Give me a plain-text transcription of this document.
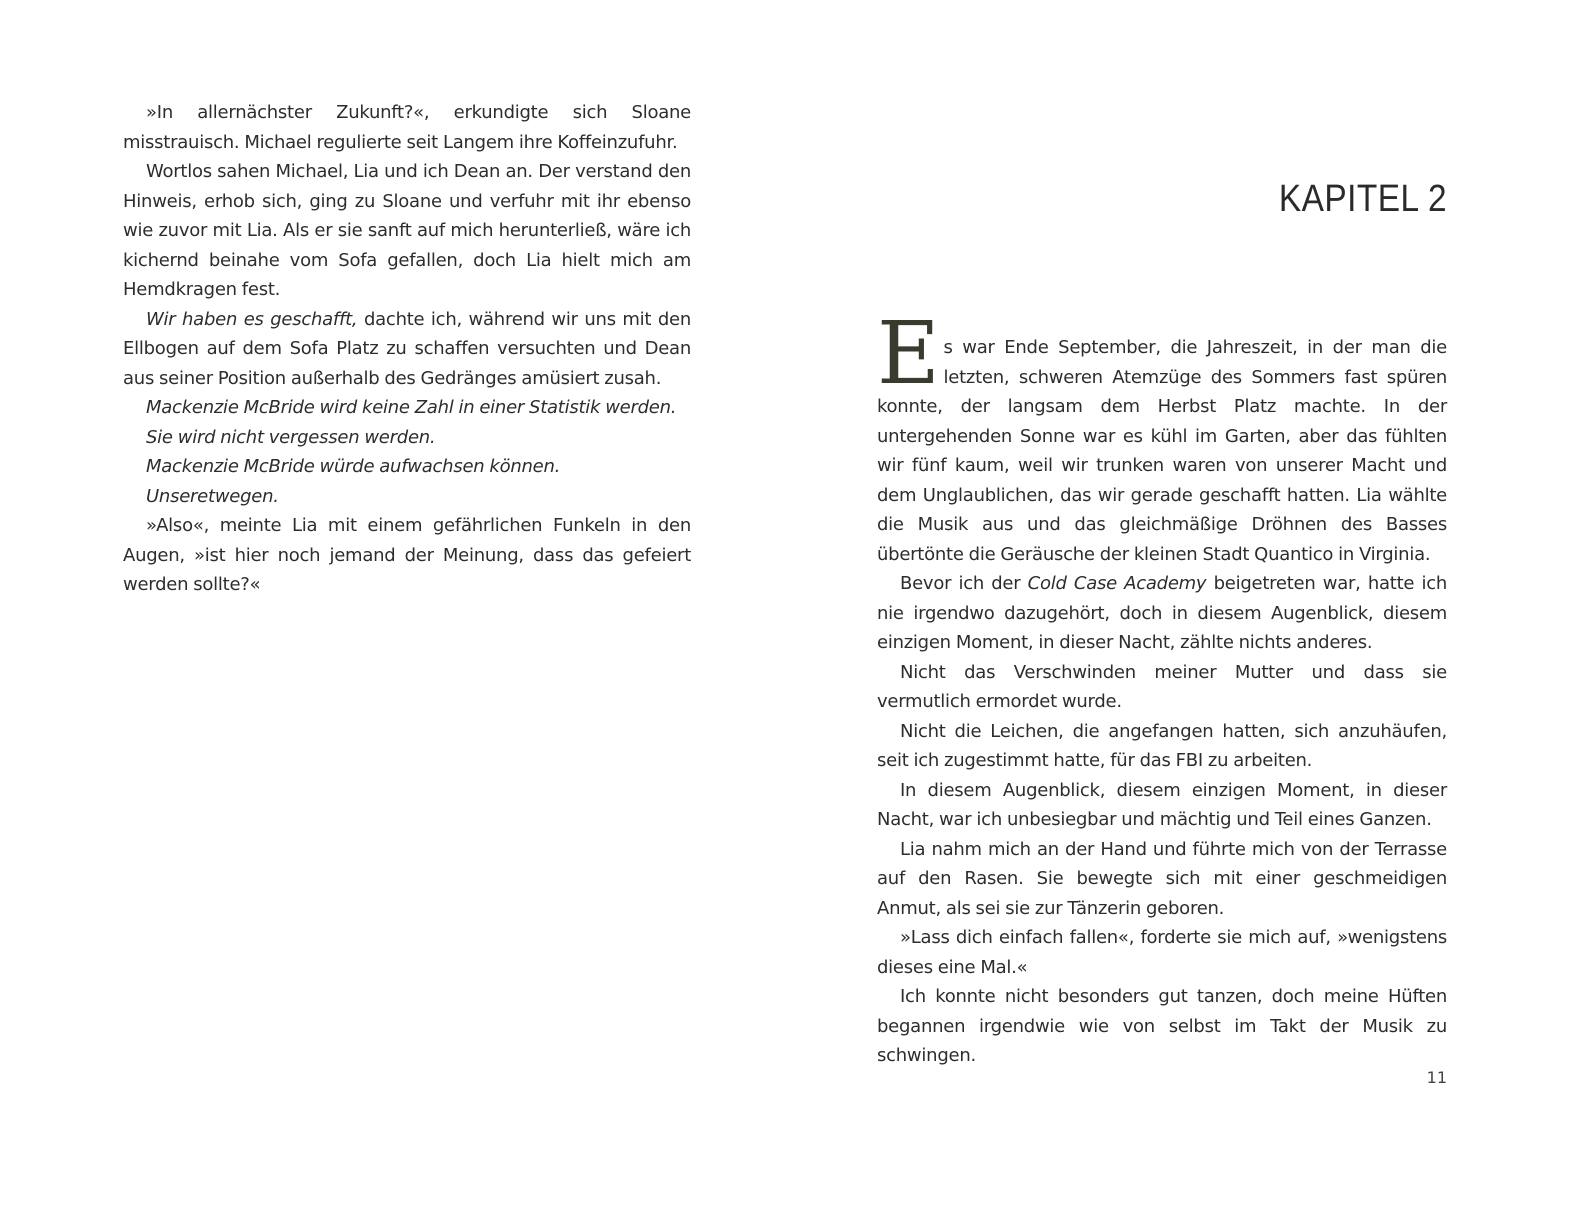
»In allernächster Zukunft?«, erkundigte sich Sloane misstrauisch. Michael regulierte seit Langem ihre Koffeinzufuhr.

Wortlos sahen Michael, Lia und ich Dean an. Der verstand den Hinweis, erhob sich, ging zu Sloane und verfuhr mit ihr ebenso wie zuvor mit Lia. Als er sie sanft auf mich herunterließ, wäre ich kichernd beinahe vom Sofa gefallen, doch Lia hielt mich am Hemdkragen fest.

Wir haben es geschafft, dachte ich, während wir uns mit den Ellbogen auf dem Sofa Platz zu schaffen versuchten und Dean aus seiner Position außerhalb des Gedränges amüsiert zusah.

Mackenzie McBride wird keine Zahl in einer Statistik werden.

Sie wird nicht vergessen werden.

Mackenzie McBride würde aufwachsen können.

Unseretwegen.

»Also«, meinte Lia mit einem gefährlichen Funkeln in den Augen, »ist hier noch jemand der Meinung, dass das gefeiert werden sollte?«

KAPITEL 2

Es war Ende September, die Jahreszeit, in der man die letzten, schweren Atemzüge des Sommers fast spüren konnte, der langsam dem Herbst Platz machte. In der untergehenden Sonne war es kühl im Garten, aber das fühlten wir fünf kaum, weil wir trunken waren von unserer Macht und dem Unglaublichen, das wir gerade geschafft hatten. Lia wählte die Musik aus und das gleichmäßige Dröhnen des Basses übertönte die Geräusche der kleinen Stadt Quantico in Virginia.

Bevor ich der Cold Case Academy beigetreten war, hatte ich nie irgendwo dazugehört, doch in diesem Augenblick, diesem einzigen Moment, in dieser Nacht, zählte nichts anderes.

Nicht das Verschwinden meiner Mutter und dass sie vermutlich ermordet wurde.

Nicht die Leichen, die angefangen hatten, sich anzuhäufen, seit ich zugestimmt hatte, für das FBI zu arbeiten.

In diesem Augenblick, diesem einzigen Moment, in dieser Nacht, war ich unbesiegbar und mächtig und Teil eines Ganzen.

Lia nahm mich an der Hand und führte mich von der Terrasse auf den Rasen. Sie bewegte sich mit einer geschmeidigen Anmut, als sei sie zur Tänzerin geboren.

»Lass dich einfach fallen«, forderte sie mich auf, »wenigstens dieses eine Mal.«

Ich konnte nicht besonders gut tanzen, doch meine Hüften begannen irgendwie wie von selbst im Takt der Musik zu schwingen.

11
